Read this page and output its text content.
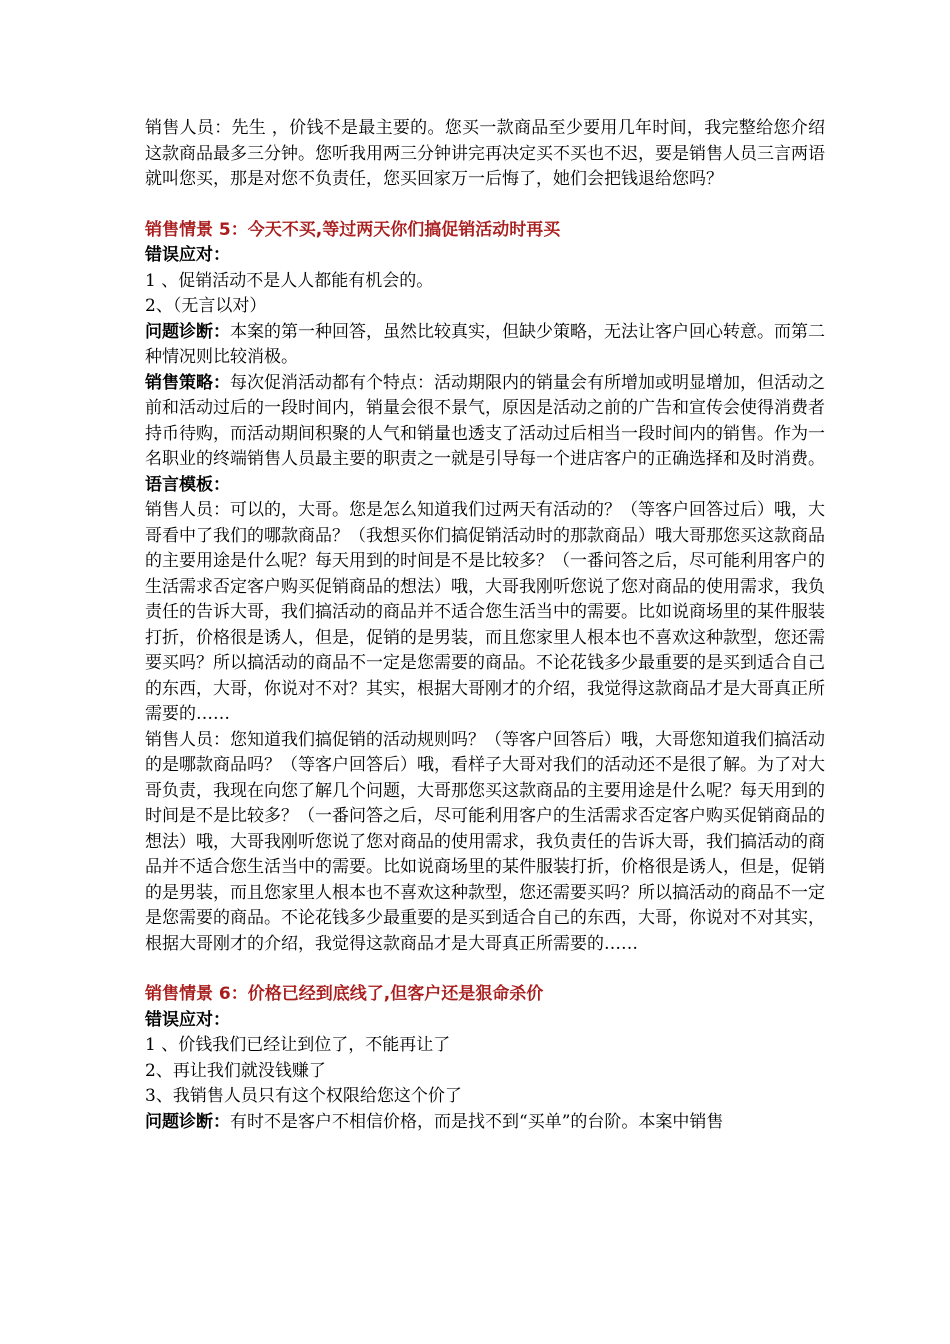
销售人员：先生 ，价钱不是最主要的。您买一款商品至少要用几年时间，我完整给您介绍这款商品最多三分钟。您听我用两三分钟讲完再决定买不买也不迟，要是销售人员三言两语就叫您买，那是对您不负责任，您买回家万一后悔了，她们会把钱退给您吗？

销售情景 5：今天不买,等过两天你们搞促销活动时再买

错误应对：

1 、促销活动不是人人都能有机会的。

2、（无言以对）

问题诊断：本案的第一种回答，虽然比较真实，但缺少策略，无法让客户回心转意。而第二种情况则比较消极。

销售策略：每次促消活动都有个特点：活动期限内的销量会有所增加或明显增加，但活动之前和活动过后的一段时间内，销量会很不景气，原因是活动之前的广告和宣传会使得消费者持币待购，而活动期间积聚的人气和销量也透支了活动过后相当一段时间内的销售。作为一名职业的终端销售人员最主要的职责之一就是引导每一个进店客户的正确选择和及时消费。

语言模板：

销售人员：可以的，大哥。您是怎么知道我们过两天有活动的？（等客户回答过后）哦，大哥看中了我们的哪款商品？（我想买你们搞促销活动时的那款商品）哦大哥那您买这款商品的主要用途是什么呢？每天用到的时间是不是比较多？（一番问答之后，尽可能利用客户的生活需求否定客户购买促销商品的想法）哦，大哥我刚听您说了您对商品的使用需求，我负责任的告诉大哥，我们搞活动的商品并不适合您生活当中的需要。比如说商场里的某件服装打折，价格很是诱人，但是，促销的是男装，而且您家里人根本也不喜欢这种款型，您还需要买吗？所以搞活动的商品不一定是您需要的商品。不论花钱多少最重要的是买到适合自己的东西，大哥，你说对不对？其实，根据大哥刚才的介绍，我觉得这款商品才是大哥真正所需要的……

销售人员：您知道我们搞促销的活动规则吗？（等客户回答后）哦，大哥您知道我们搞活动的是哪款商品吗？（等客户回答后）哦，看样子大哥对我们的活动还不是很了解。为了对大哥负责，我现在向您了解几个问题，大哥那您买这款商品的主要用途是什么呢？每天用到的时间是不是比较多？（一番问答之后，尽可能利用客户的生活需求否定客户购买促销商品的想法）哦，大哥我刚听您说了您对商品的使用需求，我负责任的告诉大哥，我们搞活动的商品并不适合您生活当中的需要。比如说商场里的某件服装打折，价格很是诱人，但是，促销的是男装，而且您家里人根本也不喜欢这种款型，您还需要买吗？所以搞活动的商品不一定是您需要的商品。不论花钱多少最重要的是买到适合自己的东西，大哥，你说对不对其实，根据大哥刚才的介绍，我觉得这款商品才是大哥真正所需要的……

销售情景 6：价格已经到底线了,但客户还是狠命杀价

错误应对：

1 、价钱我们已经让到位了，不能再让了

2、再让我们就没钱赚了

3、我销售人员只有这个权限给您这个价了

问题诊断：有时不是客户不相信价格，而是找不到“买单”的台阶。本案中销售
